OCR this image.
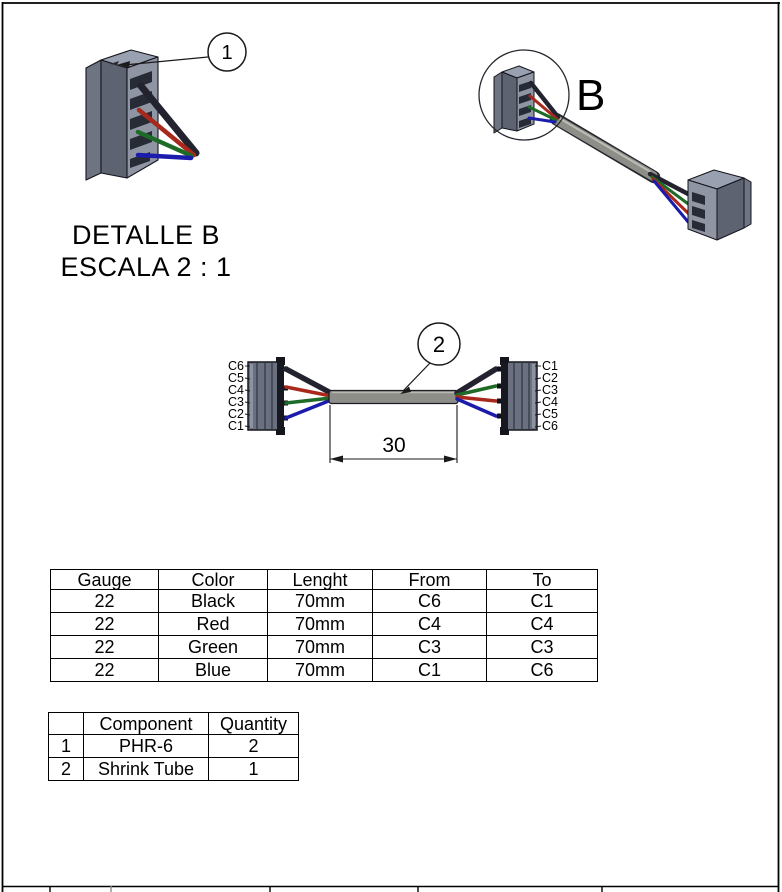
1
B
C6
C5
C4
C3
C2
C1
C1
C2
C3
C4
C5
C6
2
30
DETALLE B
ESCALA 2 : 1
Gauge	Color	Lenght	From	To
22	Black	70mm	C6	C1
22	Red	70mm	C4	C4
22	Green	70mm	C3	C3
22	Blue	70mm	C1	C6
	Component	Quantity
1	PHR-6	2
2	Shrink Tube	1
